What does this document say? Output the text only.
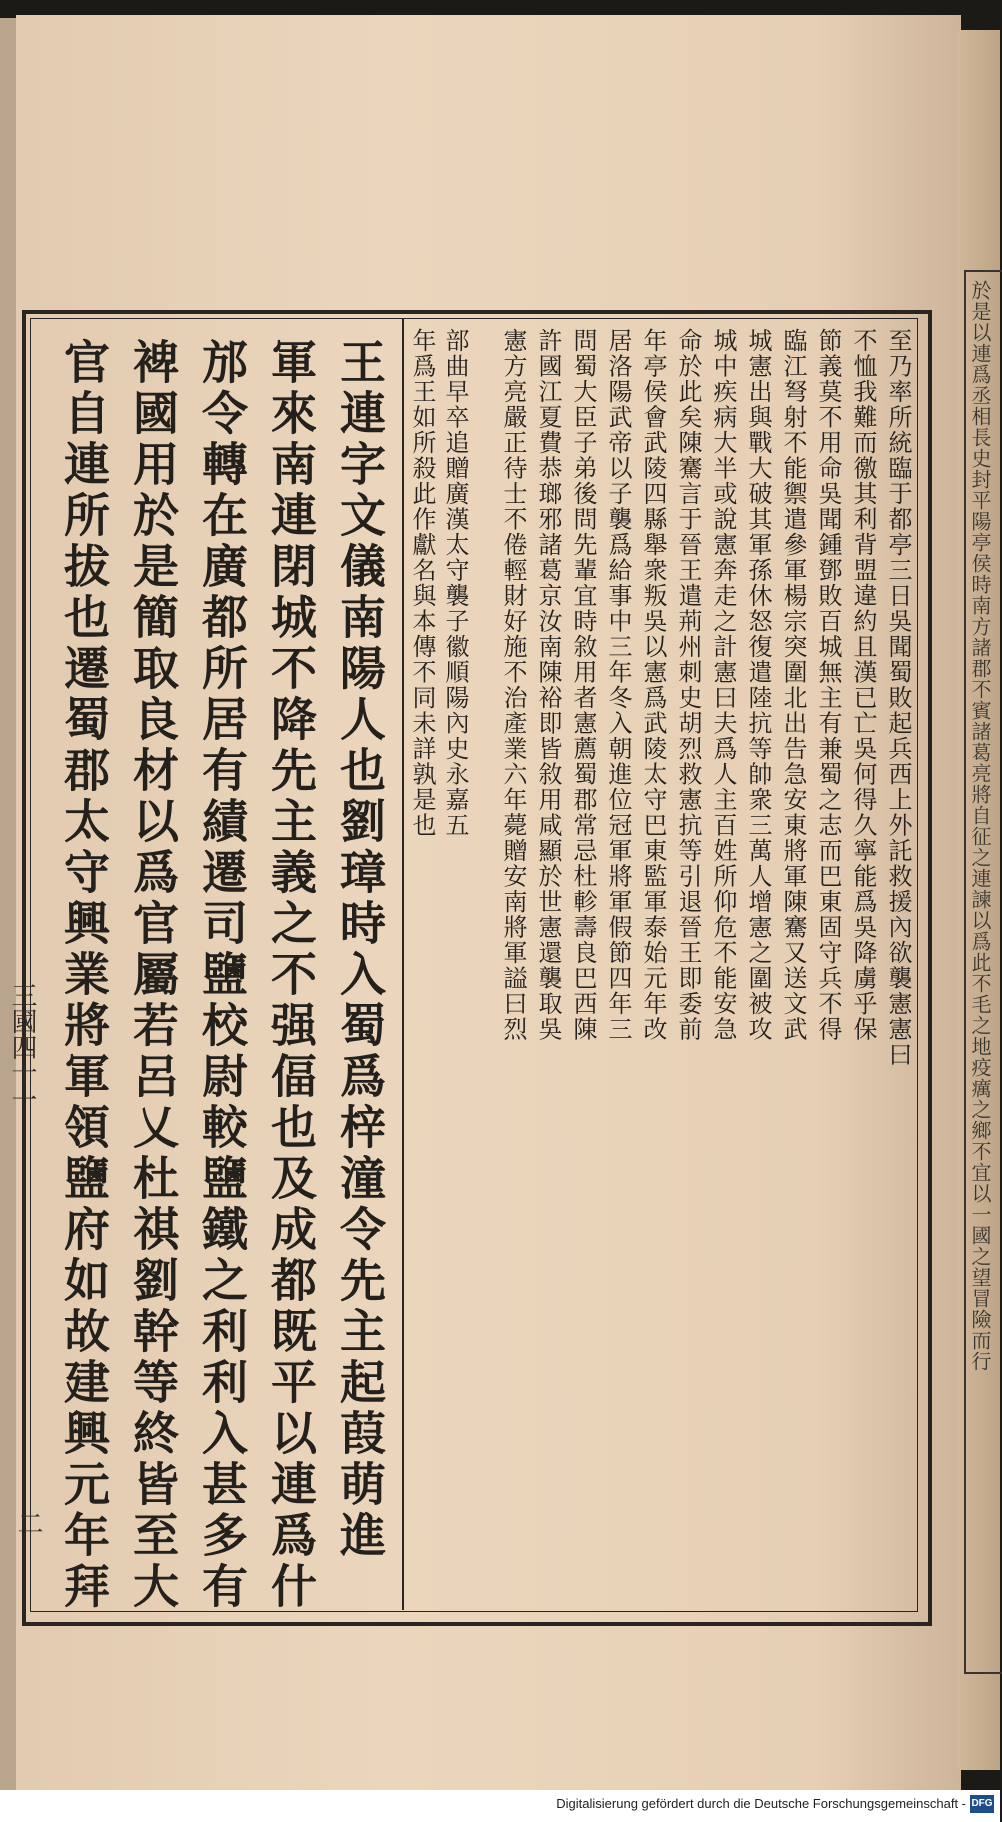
於是以連爲丞相長史封平陽亭侯時南方諸郡不賓諸葛亮將自征之連諫以爲此不毛之地疫癘之鄉不宜以一國之望冒險而行
王連字文儀南陽人也劉璋時入蜀爲梓潼令先主起葭萌進
軍來南連閉城不降先主義之不强偪也及成都既平以連爲什
邡令轉在廣都所居有績遷司鹽校尉較鹽鐵之利利入甚多有
裨國用於是簡取良材以爲官屬若呂乂杜祺劉幹等終皆至大
官自連所拔也遷蜀郡太守興業將軍領鹽府如故建興元年拜	至乃率所統臨于都亭三日吳聞蜀敗起兵西上外託救援內欲襲憲憲曰
不恤我難而徼其利背盟違約且漢已亡吳何得久寧能爲吳降虜乎保
節義莫不用命吳聞鍾鄧敗百城無主有兼蜀之志而巴東固守兵不得
臨江弩射不能禦遣參軍楊宗突圍北出告急安東將軍陳騫又送文武
城憲出與戰大破其軍孫休怒復遣陸抗等帥衆三萬人增憲之圍被攻
城中疾病大半或說憲奔走之計憲曰夫爲人主百姓所仰危不能安急
命於此矣陳騫言于晉王遣荊州刺史胡烈救憲抗等引退晉王即委前
年亭侯會武陵四縣舉衆叛吳以憲爲武陵太守巴東監軍泰始元年改
居洛陽武帝以子襲爲給事中三年冬入朝進位冠軍將軍假節四年三
問蜀大臣子弟後問先輩宜時敘用者憲薦蜀郡常忌杜軫壽良巴西陳
許國江夏費恭瑯邪諸葛京汝南陳裕即皆敘用咸顯於世憲還襲取吳
憲方亮嚴正待士不倦輕財好施不治產業六年薨贈安南將軍謚曰烈
部曲早卒追贈廣漢太守襲子徽順陽內史永嘉五
年爲王如所殺此作獻名與本傳不同未詳孰是也
三國四十一
二
Digitalisierung gefördert durch die Deutsche Forschungsgemeinschaft - DFG
